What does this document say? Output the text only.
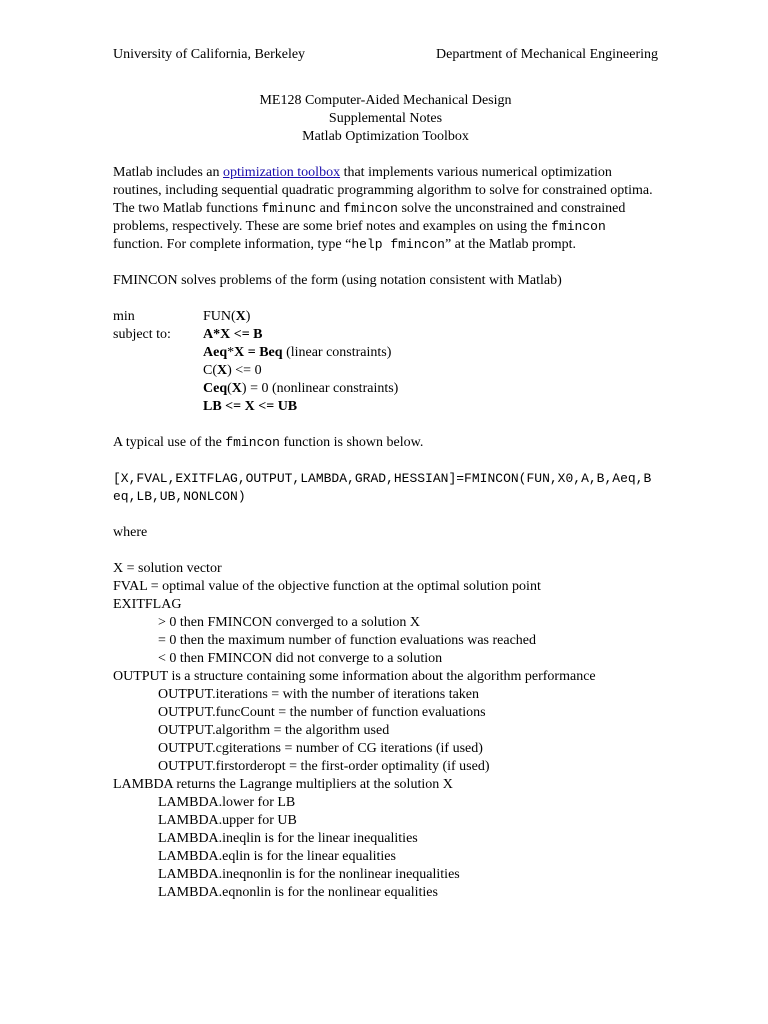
University of California, Berkeley	Department of Mechanical Engineering
ME128 Computer-Aided Mechanical Design
Supplemental Notes
Matlab Optimization Toolbox

Matlab includes an optimization toolbox that implements various numerical optimization routines, including sequential quadratic programming algorithm to solve for constrained optima. The two Matlab functions fminunc and fmincon solve the unconstrained and constrained problems, respectively. These are some brief notes and examples on using the fmincon function. For complete information, type “help fmincon” at the Matlab prompt.

FMINCON solves problems of the form (using notation consistent with Matlab)

min	FUN(X)
subject to:	A*X <= B
Aeq*X = Beq (linear constraints)
C(X) <= 0
Ceq(X) = 0 (nonlinear constraints)
LB <= X <= UB

A typical use of the fmincon function is shown below.

[X,FVAL,EXITFLAG,OUTPUT,LAMBDA,GRAD,HESSIAN]=FMINCON(FUN,X0,A,B,Aeq,Beq,LB,UB,NONLCON)

where

X = solution vector
FVAL = optimal value of the objective function at the optimal solution point
EXITFLAG
> 0 then FMINCON converged to a solution X
= 0 then the maximum number of function evaluations was reached
< 0 then FMINCON did not converge to a solution
OUTPUT is a structure containing some information about the algorithm performance
OUTPUT.iterations = with the number of iterations taken
OUTPUT.funcCount = the number of function evaluations
OUTPUT.algorithm = the algorithm used
OUTPUT.cgiterations = number of CG iterations (if used)
OUTPUT.firstorderopt = the first-order optimality (if used)
LAMBDA returns the Lagrange multipliers at the solution X
LAMBDA.lower for LB
LAMBDA.upper for UB
LAMBDA.ineqlin is for the linear inequalities
LAMBDA.eqlin is for the linear equalities
LAMBDA.ineqnonlin is for the nonlinear inequalities
LAMBDA.eqnonlin is for the nonlinear equalities
